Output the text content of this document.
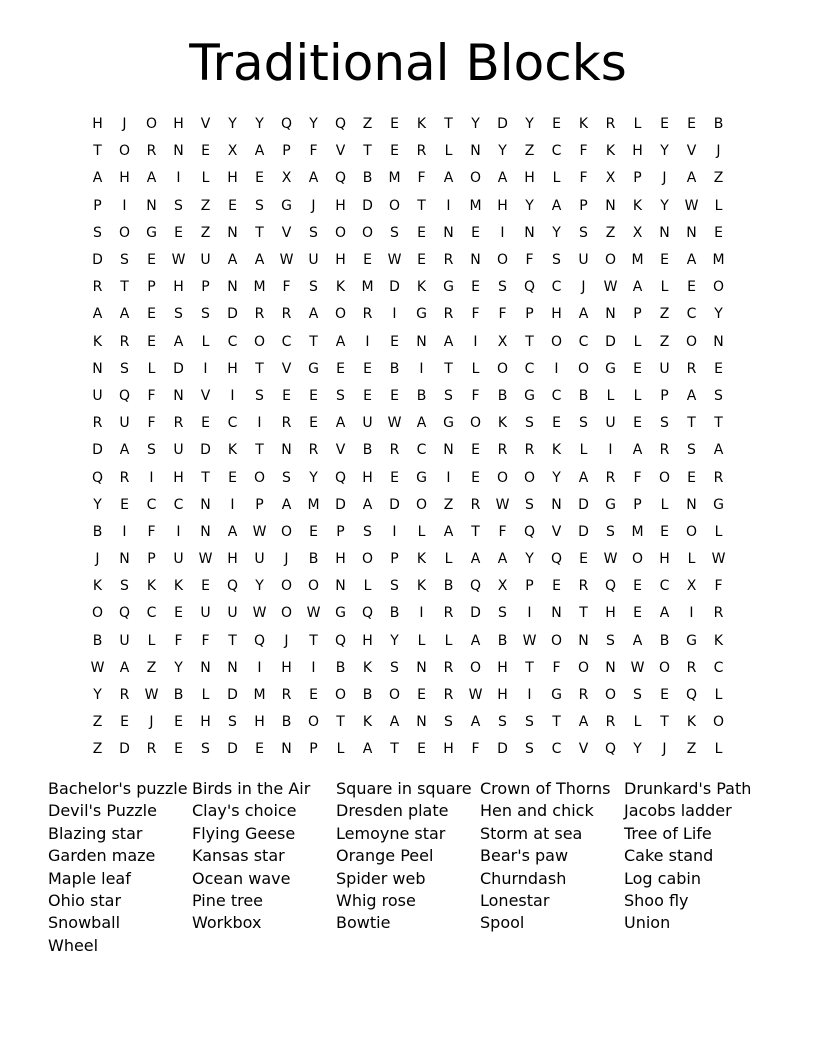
Traditional Blocks
H	J	O	H	V	Y	Y	Q	Y	Q	Z	E	K	T	Y	D	Y	E	K	R	L	E	E	B
T	O	R	N	E	X	A	P	F	V	T	E	R	L	N	Y	Z	C	F	K	H	Y	V	J
A	H	A	I	L	H	E	X	A	Q	B	M	F	A	O	A	H	L	F	X	P	J	A	Z
P	I	N	S	Z	E	S	G	J	H	D	O	T	I	M	H	Y	A	P	N	K	Y	W	L
S	O	G	E	Z	N	T	V	S	O	O	S	E	N	E	I	N	Y	S	Z	X	N	N	E
D	S	E	W	U	A	A	W	U	H	E	W	E	R	N	O	F	S	U	O	M	E	A	M
R	T	P	H	P	N	M	F	S	K	M	D	K	G	E	S	Q	C	J	W	A	L	E	O
A	A	E	S	S	D	R	R	A	O	R	I	G	R	F	F	P	H	A	N	P	Z	C	Y
K	R	E	A	L	C	O	C	T	A	I	E	N	A	I	X	T	O	C	D	L	Z	O	N
N	S	L	D	I	H	T	V	G	E	E	B	I	T	L	O	C	I	O	G	E	U	R	E
U	Q	F	N	V	I	S	E	E	S	E	E	B	S	F	B	G	C	B	L	L	P	A	S
R	U	F	R	E	C	I	R	E	A	U	W	A	G	O	K	S	E	S	U	E	S	T	T
D	A	S	U	D	K	T	N	R	V	B	R	C	N	E	R	R	K	L	I	A	R	S	A
Q	R	I	H	T	E	O	S	Y	Q	H	E	G	I	E	O	O	Y	A	R	F	O	E	R
Y	E	C	C	N	I	P	A	M	D	A	D	O	Z	R	W	S	N	D	G	P	L	N	G
B	I	F	I	N	A	W	O	E	P	S	I	L	A	T	F	Q	V	D	S	M	E	O	L
J	N	P	U	W	H	U	J	B	H	O	P	K	L	A	A	Y	Q	E	W	O	H	L	W
K	S	K	K	E	Q	Y	O	O	N	L	S	K	B	Q	X	P	E	R	Q	E	C	X	F
O	Q	C	E	U	U	W	O	W	G	Q	B	I	R	D	S	I	N	T	H	E	A	I	R
B	U	L	F	F	T	Q	J	T	Q	H	Y	L	L	A	B	W	O	N	S	A	B	G	K
W	A	Z	Y	N	N	I	H	I	B	K	S	N	R	O	H	T	F	O	N	W	O	R	C
Y	R	W	B	L	D	M	R	E	O	B	O	E	R	W	H	I	G	R	O	S	E	Q	L
Z	E	J	E	H	S	H	B	O	T	K	A	N	S	A	S	S	T	A	R	L	T	K	O
Z	D	R	E	S	D	E	N	P	L	A	T	E	H	F	D	S	C	V	Q	Y	J	Z	L
Bachelor's puzzle
Devil's Puzzle
Blazing star
Garden maze
Maple leaf
Ohio star
Snowball
Wheel
Birds in the Air
Clay's choice
Flying Geese
Kansas star
Ocean wave
Pine tree
Workbox
Square in square
Dresden plate
Lemoyne star
Orange Peel
Spider web
Whig rose
Bowtie
Crown of Thorns
Hen and chick
Storm at sea
Bear's paw
Churndash
Lonestar
Spool
Drunkard's Path
Jacobs ladder
Tree of Life
Cake stand
Log cabin
Shoo fly
Union
